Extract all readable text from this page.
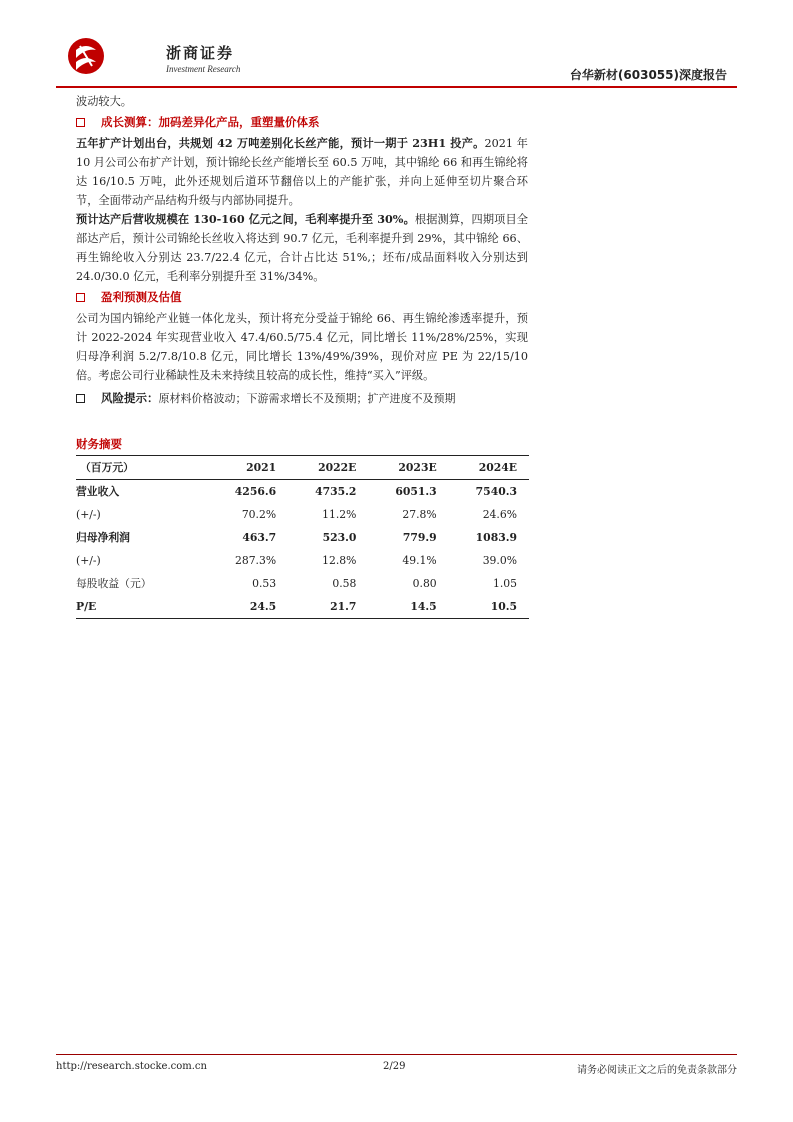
浙商证券
Investment Research	台华新材(603055)深度报告

波动较大。

成长测算：加码差异化产品，重塑量价体系

五年扩产计划出台，共规划 42 万吨差别化长丝产能，预计一期于 23H1 投产。2021 年 10 月公司公布扩产计划，预计锦纶长丝产能增长至 60.5 万吨，其中锦纶 66 和再生锦纶将达 16/10.5 万吨，此外还规划后道环节翻倍以上的产能扩张，并向上延伸至切片聚合环节，全面带动产品结构升级与内部协同提升。

预计达产后营收规模在 130-160 亿元之间，毛利率提升至 30%。根据测算，四期项目全部达产后，预计公司锦纶长丝收入将达到 90.7 亿元，毛利率提升到 29%，其中锦纶 66、再生锦纶收入分别达 23.7/22.4 亿元，合计占比达 51%,；坯布/成品面料收入分别达到 24.0/30.0 亿元，毛利率分别提升至 31%/34%。

盈利预测及估值

公司为国内锦纶产业链一体化龙头，预计将充分受益于锦纶 66、再生锦纶渗透率提升，预计 2022-2024 年实现营业收入 47.4/60.5/75.4 亿元，同比增长 11%/28%/25%，实现归母净利润 5.2/7.8/10.8 亿元，同比增长 13%/49%/39%，现价对应 PE 为 22/15/10 倍。考虑公司行业稀缺性及未来持续且较高的成长性，维持“买入”评级。

风险提示： 原材料价格波动；下游需求增长不及预期；扩产进度不及预期
财务摘要
（百万元）	2021	2022E	2023E	2024E
营业收入	4256.6	4735.2	6051.3	7540.3
(+/-)	70.2%	11.2%	27.8%	24.6%
归母净利润	463.7	523.0	779.9	1083.9
(+/-)	287.3%	12.8%	49.1%	39.0%
每股收益（元）	0.53	0.58	0.80	1.05
P/E	24.5	21.7	14.5	10.5
http://research.stocke.com.cn	2/29	请务必阅读正文之后的免责条款部分
